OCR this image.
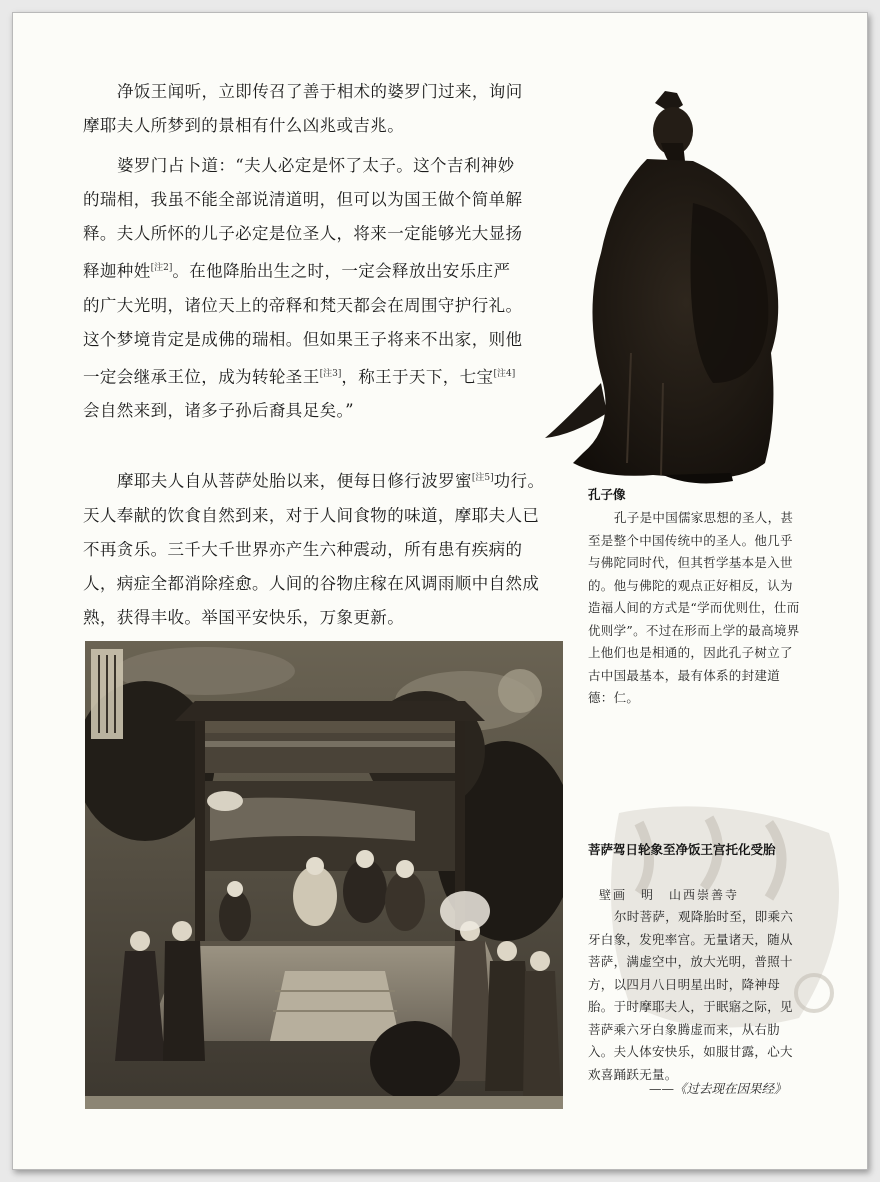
净饭王闻听，立即传召了善于相术的婆罗门过来，询问摩耶夫人所梦到的景相有什么凶兆或吉兆。

婆罗门占卜道：“夫人必定是怀了太子。这个吉利神妙的瑞相，我虽不能全部说清道明，但可以为国王做个简单解释。夫人所怀的儿子必定是位圣人，将来一定能够光大显扬释迦种姓[注2]。在他降胎出生之时，一定会释放出安乐庄严的广大光明，诸位天上的帝释和梵天都会在周围守护行礼。这个梦境肯定是成佛的瑞相。但如果王子将来不出家，则他一定会继承王位，成为转轮圣王[注3]，称王于天下，七宝[注4]会自然来到，诸多子孙后裔具足矣。”

摩耶夫人自从菩萨处胎以来，便每日修行波罗蜜[注5]功行。天人奉献的饮食自然到来，对于人间食物的味道，摩耶夫人已不再贪乐。三千大千世界亦产生六种震动，所有患有疾病的人，病症全都消除痊愈。人间的谷物庄稼在风调雨顺中自然成熟，获得丰收。举国平安快乐，万象更新。

孔子像

孔子是中国儒家思想的圣人，甚至是整个中国传统中的圣人。他几乎与佛陀同时代，但其哲学基本是入世的。他与佛陀的观点正好相反，认为造福人间的方式是“学而优则仕，仕而优则学”。不过在形而上学的最高境界上他们也是相通的，因此孔子树立了古中国最基本，最有体系的封建道德：仁。

菩萨驾日轮象至净饭王宫托化受胎

壁画　明　山西崇善寺

尔时菩萨，观降胎时至，即乘六牙白象，发兜率宫。无量诸天，随从菩萨，满虚空中，放大光明，普照十方，以四月八日明星出时，降神母胎。于时摩耶夫人，于眠寤之际，见菩萨乘六牙白象腾虚而来，从右肋入。夫人体安快乐，如服甘露，心大欢喜踊跃无量。

——《过去现在因果经》
